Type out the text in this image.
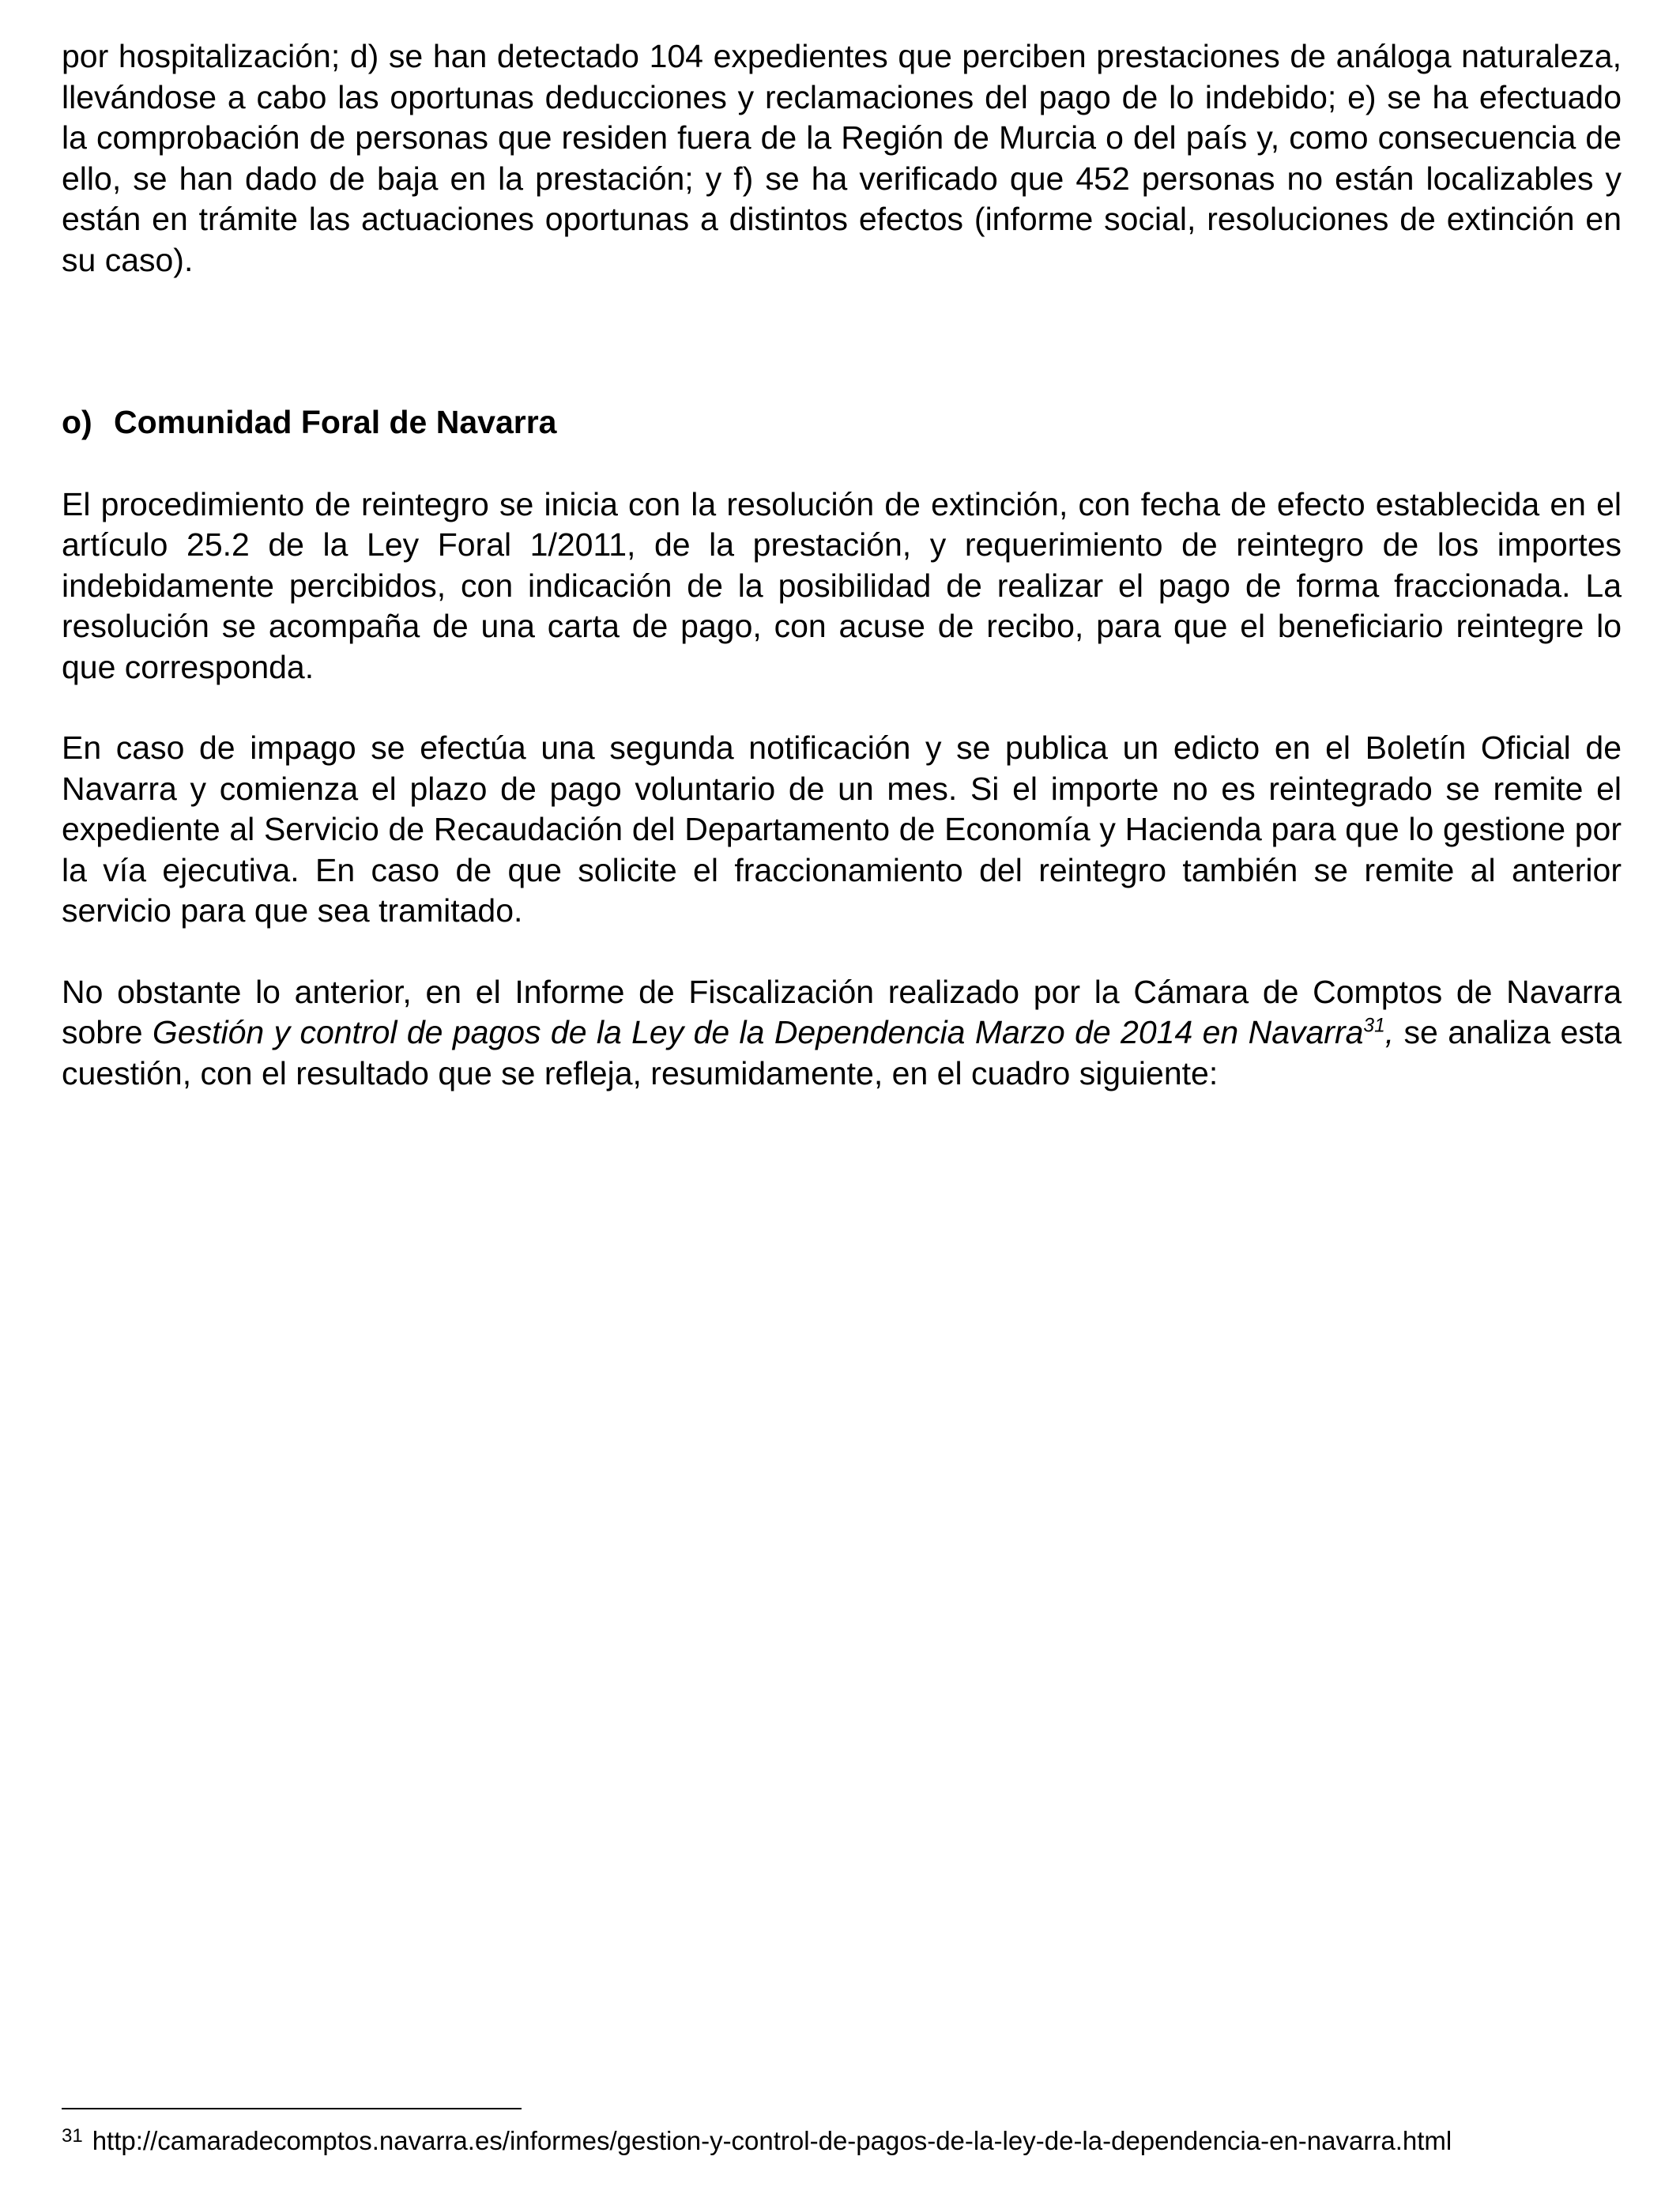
por hospitalización; d) se han detectado 104 expedientes que perciben prestaciones de análoga naturaleza, llevándose a cabo las oportunas deducciones y reclamaciones del pago de lo indebido; e) se ha efectuado la comprobación de personas que residen fuera de la Región de Murcia o del país y, como consecuencia de ello, se han dado de baja en la prestación; y f) se ha verificado que 452 personas no están localizables y están en trámite las actuaciones oportunas a distintos efectos (informe social, resoluciones de extinción en su caso).

o) Comunidad Foral de Navarra

El procedimiento de reintegro se inicia con la resolución de extinción, con fecha de efecto establecida en el artículo 25.2 de la Ley Foral 1/2011, de la prestación, y requerimiento de reintegro de los importes indebidamente percibidos, con indicación de la posibilidad de realizar el pago de forma fraccionada. La resolución se acompaña de una carta de pago, con acuse de recibo, para que el beneficiario reintegre lo que corresponda.

En caso de impago se efectúa una segunda notificación y se publica un edicto en el Boletín Oficial de Navarra y comienza el plazo de pago voluntario de un mes. Si el importe no es reintegrado se remite el expediente al Servicio de Recaudación del Departamento de Economía y Hacienda para que lo gestione por la vía ejecutiva. En caso de que solicite el fraccionamiento del reintegro también se remite al anterior servicio para que sea tramitado.

No obstante lo anterior, en el Informe de Fiscalización realizado por la Cámara de Comptos de Navarra sobre Gestión y control de pagos de la Ley de la Dependencia Marzo de 2014 en Navarra$^{31}$, se analiza esta cuestión, con el resultado que se refleja, resumidamente, en el cuadro siguiente:

$^{31}$ http://camaradecomptos.navarra.es/informes/gestion-y-control-de-pagos-de-la-ley-de-la-dependencia-en-navarra.html
